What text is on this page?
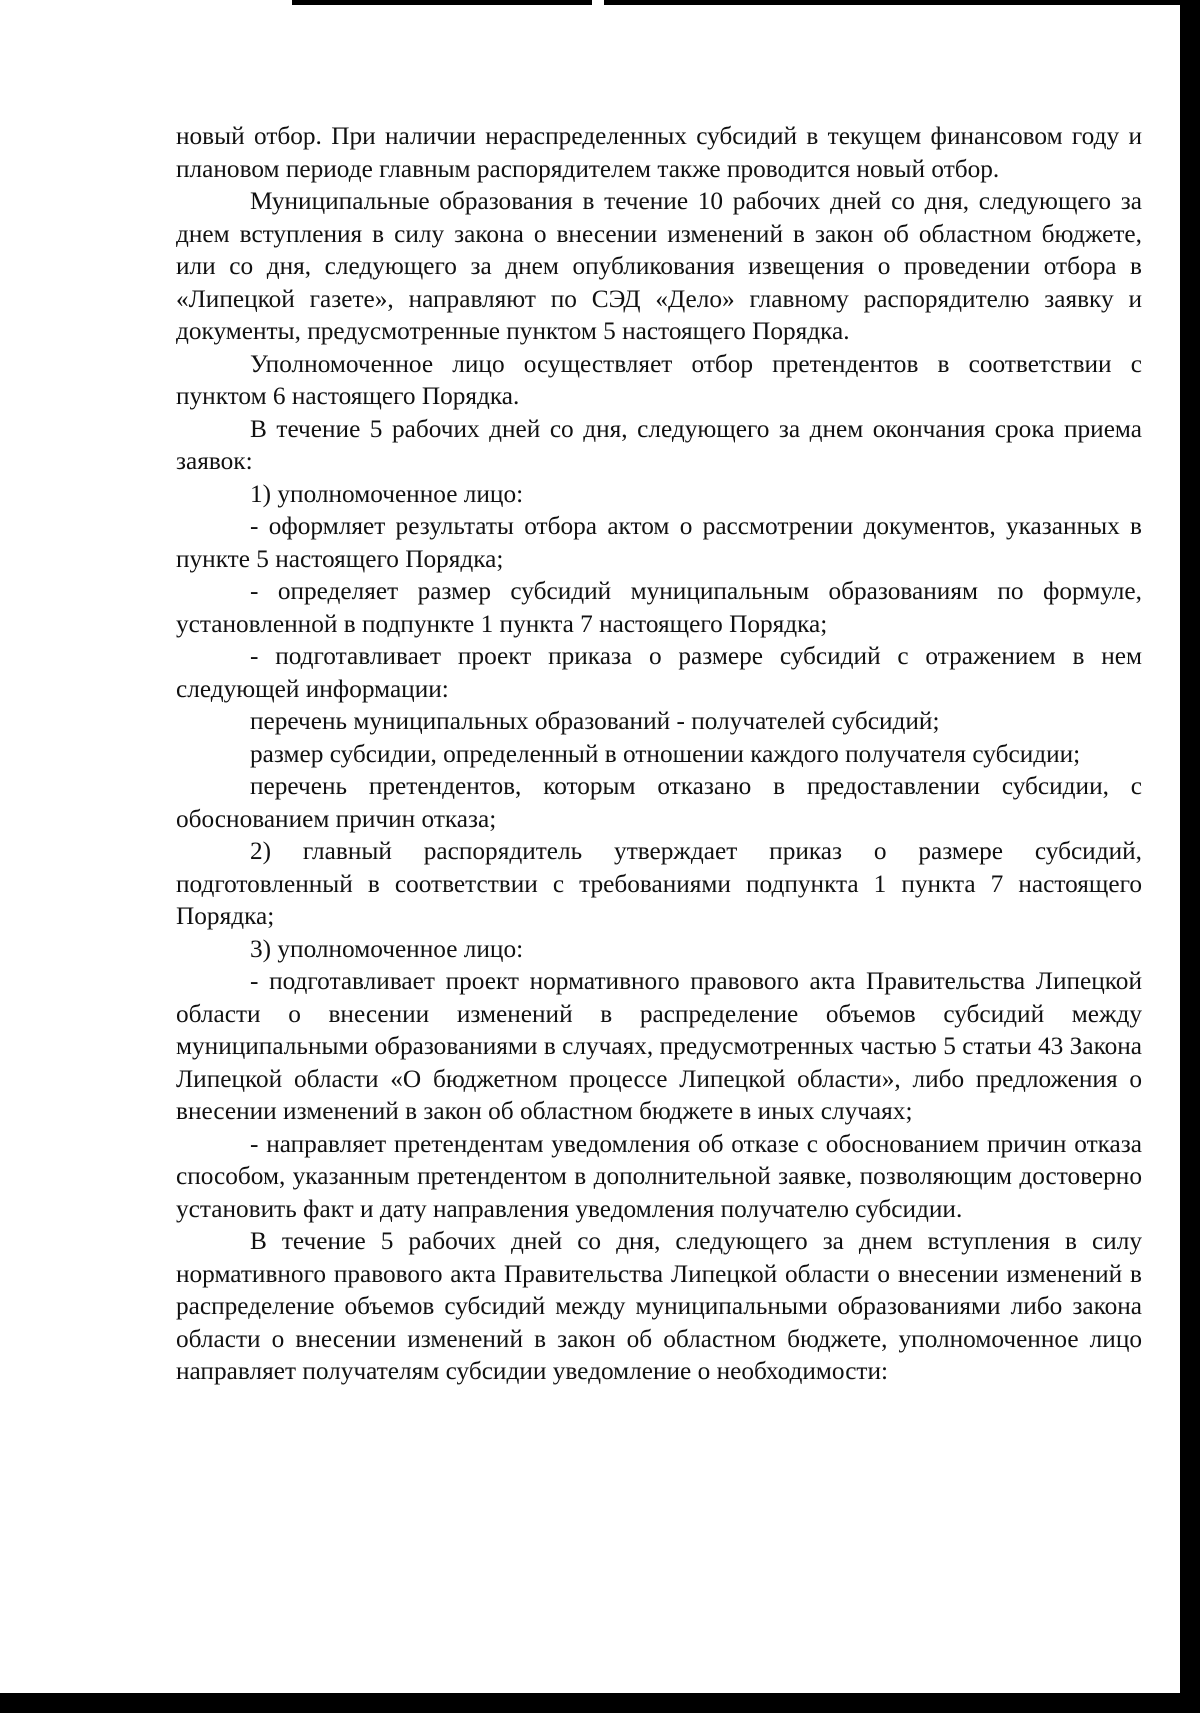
новый отбор. При наличии нераспределенных субсидий в текущем финансовом году и плановом периоде главным распорядителем также проводится новый отбор.

Муниципальные образования в течение 10 рабочих дней со дня, следующего за днем вступления в силу закона о внесении изменений в закон об областном бюджете, или со дня, следующего за днем опубликования извещения о проведении отбора в «Липецкой газете», направляют по СЭД «Дело» главному распорядителю заявку и документы, предусмотренные пунктом 5 настоящего Порядка.

Уполномоченное лицо осуществляет отбор претендентов в соответствии с пунктом 6 настоящего Порядка.

В течение 5 рабочих дней со дня, следующего за днем окончания срока приема заявок:

1) уполномоченное лицо:

- оформляет результаты отбора актом о рассмотрении документов, указанных в пункте 5 настоящего Порядка;

- определяет размер субсидий муниципальным образованиям по формуле, установленной в подпункте 1 пункта 7 настоящего Порядка;

- подготавливает проект приказа о размере субсидий с отражением в нем следующей информации:

перечень муниципальных образований - получателей субсидий;

размер субсидии, определенный в отношении каждого получателя субсидии;

перечень претендентов, которым отказано в предоставлении субсидии, с обоснованием причин отказа;

2) главный распорядитель утверждает приказ о размере субсидий, подготовленный в соответствии с требованиями подпункта 1 пункта 7 настоящего Порядка;

3) уполномоченное лицо:

- подготавливает проект нормативного правового акта Правительства Липецкой области о внесении изменений в распределение объемов субсидий между муниципальными образованиями в случаях, предусмотренных частью 5 статьи 43 Закона Липецкой области «О бюджетном процессе Липецкой области», либо предложения о внесении изменений в закон об областном бюджете в иных случаях;

- направляет претендентам уведомления об отказе с обоснованием причин отказа способом, указанным претендентом в дополнительной заявке, позволяющим достоверно установить факт и дату направления уведомления получателю субсидии.

В течение 5 рабочих дней со дня, следующего за днем вступления в силу нормативного правового акта Правительства Липецкой области о внесении изменений в распределение объемов субсидий между муниципальными образованиями либо закона области о внесении изменений в закон об областном бюджете, уполномоченное лицо направляет получателям субсидии уведомление о необходимости:
